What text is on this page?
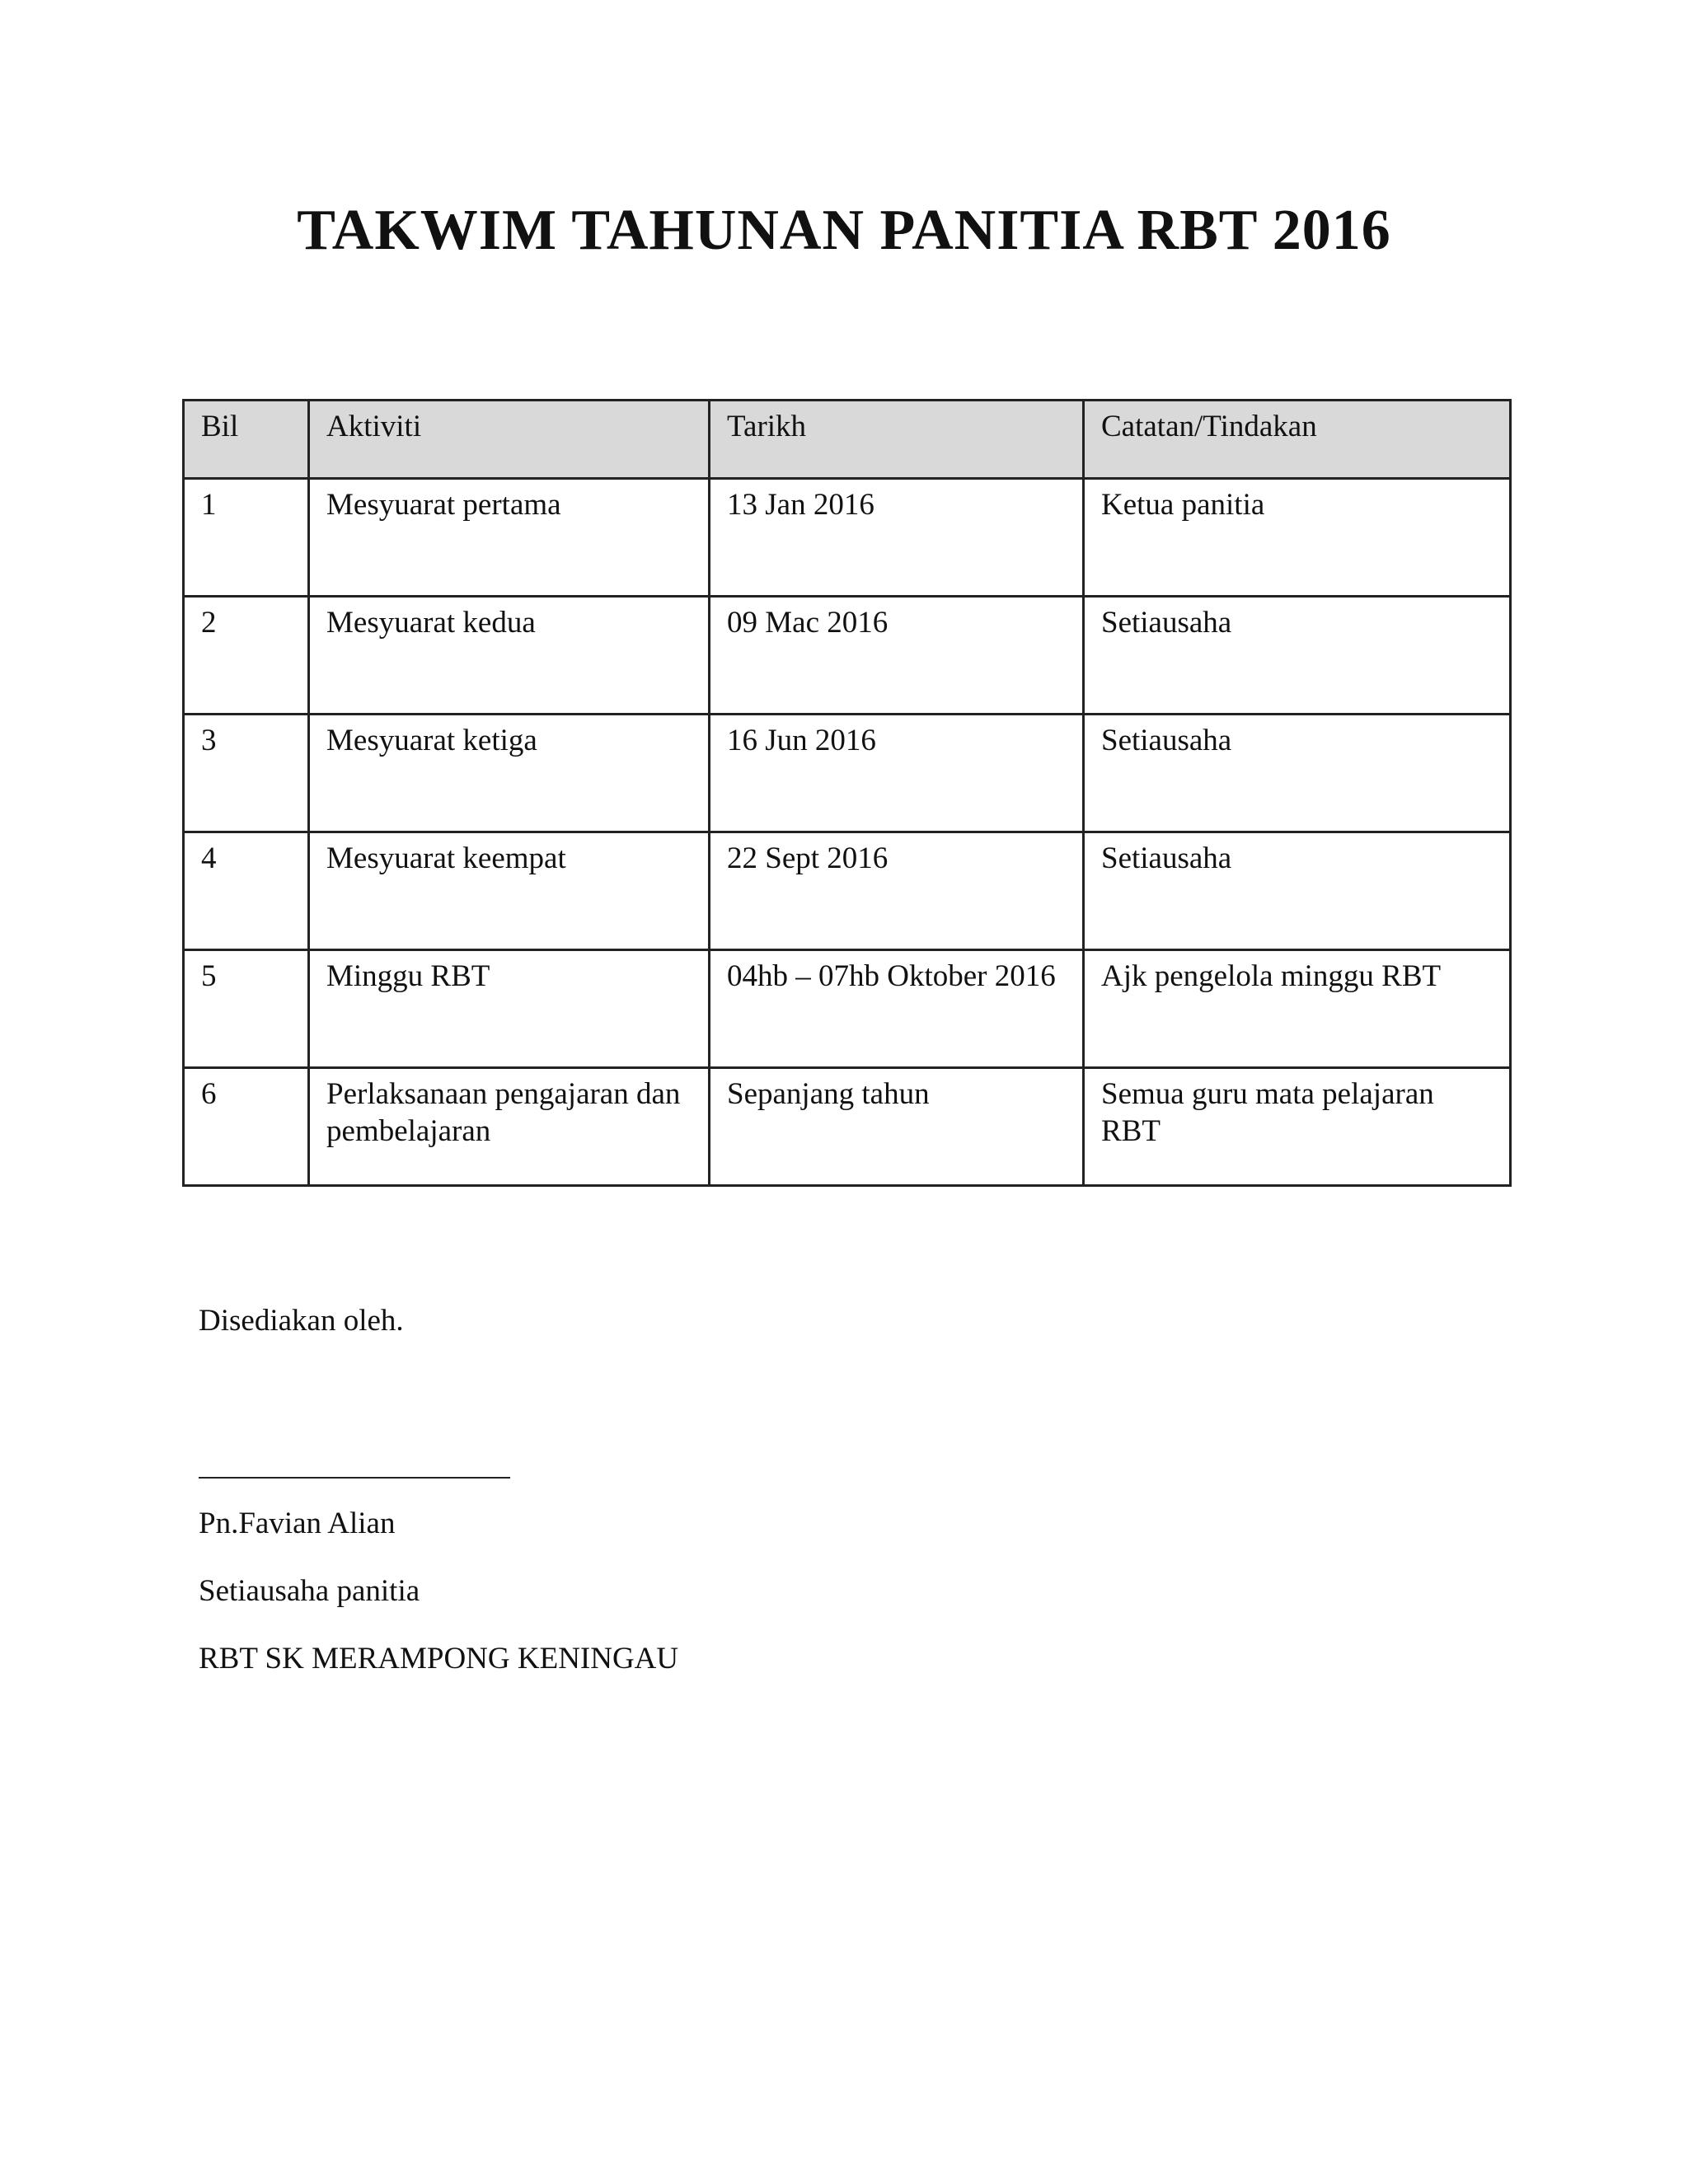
TAKWIM TAHUNAN PANITIA RBT 2016
Bil	Aktiviti	Tarikh	Catatan/Tindakan
1	Mesyuarat pertama	13 Jan 2016	Ketua panitia
2	Mesyuarat kedua	09 Mac 2016	Setiausaha
3	Mesyuarat ketiga	16 Jun 2016	Setiausaha
4	Mesyuarat keempat	22 Sept 2016	Setiausaha
5	Minggu RBT	04hb – 07hb Oktober 2016	Ajk pengelola minggu RBT
6	Perlaksanaan pengajaran dan pembelajaran	Sepanjang tahun	Semua guru mata pelajaran RBT

Disediakan oleh.

Pn.Favian Alian

Setiausaha panitia

RBT SK MERAMPONG KENINGAU
